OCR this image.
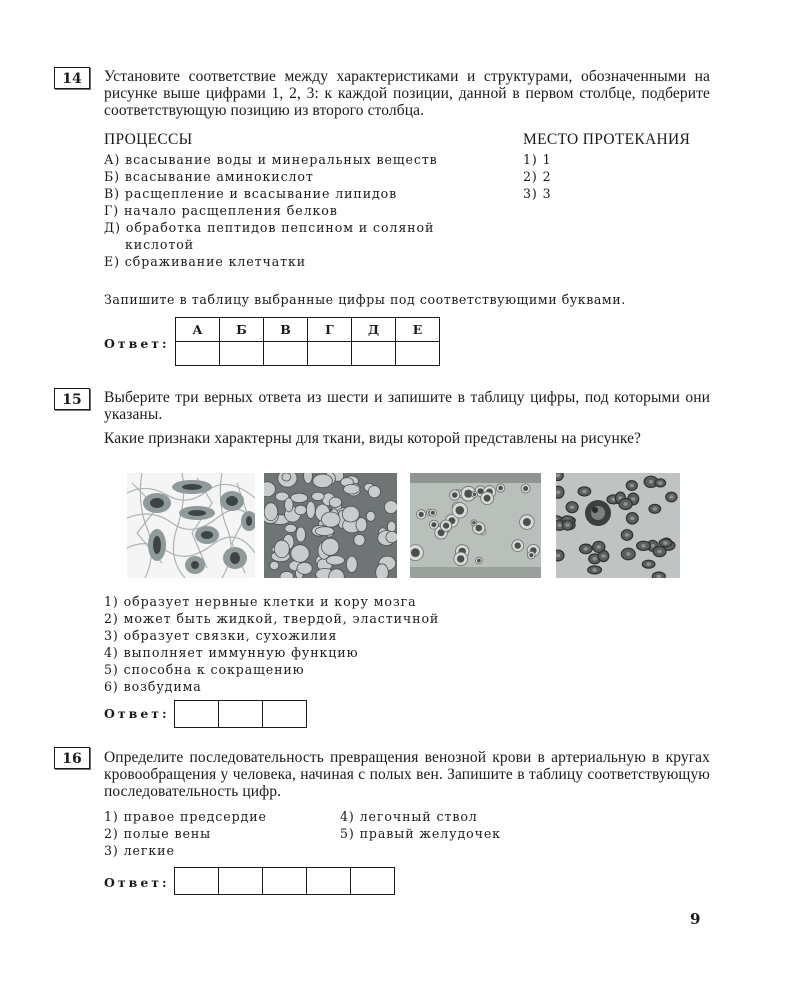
14	Установите соответствие между характеристиками и структурами, обозначенными на рисунке выше цифрами 1, 2, 3: к каждой позиции, данной в первом столбце, подберите соответствующую позицию из второго столбца.
ПРОЦЕССЫ	МЕСТО ПРОТЕКАНИЯ
А) всасывание воды и минеральных веществ
Б) всасывание аминокислот
В) расщепление и всасывание липидов
Г) начало расщепления белков
Д) обработка пептидов пепсином и соляной кислотой
Е) сбраживание клетчатки
1) 1
2) 2
3) 3
Запишите в таблицу выбранные цифры под соответствующими буквами.
Ответ:
А	Б	В	Г	Д	Е

15	Выберите три верных ответа из шести и запишите в таблицу цифры, под которыми они указаны.
Какие признаки характерны для ткани, виды которой представлены на рисунке?
1) образует нервные клетки и кору мозга
2) может быть жидкой, твердой, эластичной
3) образует связки, сухожилия
4) выполняет иммунную функцию
5) способна к сокращению
6) возбудима
Ответ:

16	Определите последовательность превращения венозной крови в артериальную в кругах кровообращения у человека, начиная с полых вен. Запишите в таблицу соответствующую последовательность цифр.
1) правое предсердие
2) полые вены
3) легкие
4) легочный ствол
5) правый желудочек
Ответ:

9
